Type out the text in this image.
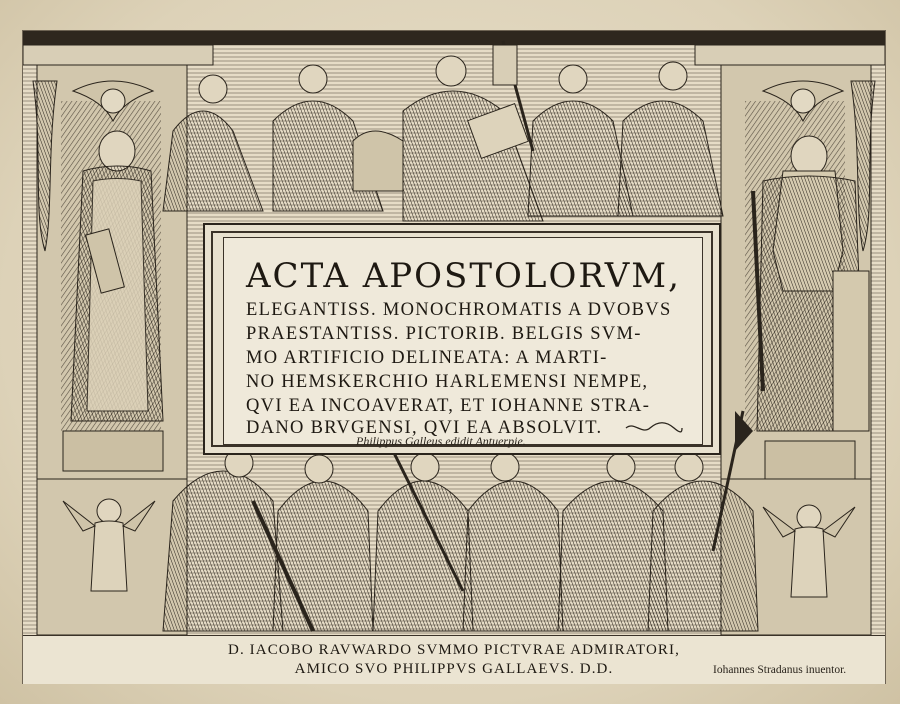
ACTA APOSTOLORVM,
ELEGANTISS. MONOCHROMATIS A DVOBVS
PRAESTANTISS. PICTORIB. BELGIS SVM-
MO ARTIFICIO DELINEATA: A MARTI-
NO HEMSKERCHIO HARLEMENSI NEMPE,
QVI EA INCOAVERAT, ET IOHANNE STRA-
DANO BRVGENSI, QVI EA ABSOLVIT.
Philippus Galleus edidit Antuerpie.
D. IACOBO RAVWARDO SVMMO PICTVRAE ADMIRATORI,
AMICO SVO PHILIPPVS GALLAEVS. D.D.	Iohannes Stradanus inuentor.
